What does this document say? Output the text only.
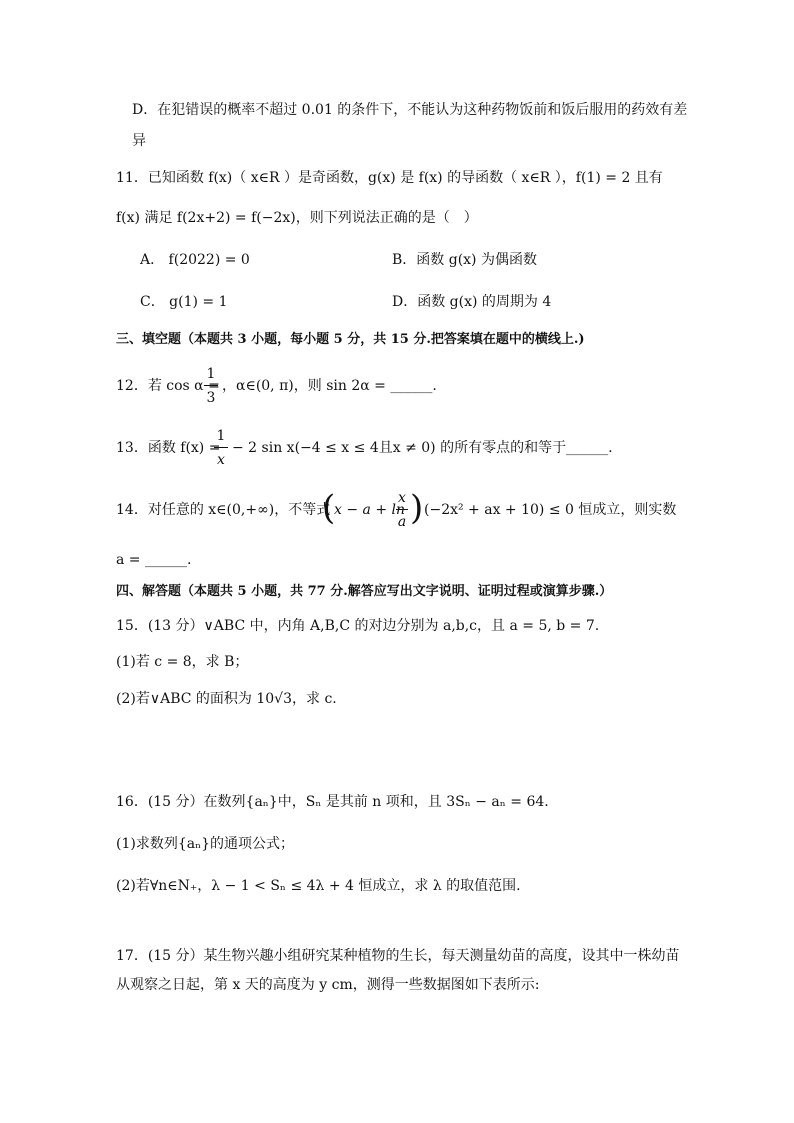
D．在犯错误的概率不超过 0.01 的条件下，不能认为这种药物饭前和饭后服用的药效有差
异
11．已知函数 f(x)（ x∈R ）是奇函数，g(x) 是 f(x) 的导函数（ x∈R ），f(1) = 2 且有
f(x) 满足 f(2x+2) = f(−2x)，则下列说法正确的是（　）
A． f(2022) = 0	B．函数 g(x) 为偶函数
C． g(1) = 1	D．函数 g(x) 的周期为 4
三、填空题（本题共 3 小题，每小题 5 分，共 15 分.把答案填在题中的横线上.)
12．若 cos α =
1
3
，α∈(0, π)，则 sin 2α = ______.
13．函数 f(x) =
1
x
− 2 sin x(−4 ≤ x ≤ 4且x ≠ 0) 的所有零点的和等于______.
14．对任意的 x∈(0,+∞)，不等式
(
x − a + ln
x
a ) (−2x² + ax + 10) ≤ 0 恒成立，则实数
a = ______.
四、解答题（本题共 5 小题，共 77 分.解答应写出文字说明、证明过程或演算步骤.）
15．(13 分）∨ABC 中，内角 A,B,C 的对边分别为 a,b,c，且 a = 5, b = 7.
(1)若 c = 8，求 B；
(2)若∨ABC 的面积为 10√3，求 c.
16．(15 分）在数列{aₙ}中，Sₙ 是其前 n 项和，且 3Sₙ − aₙ = 64.
(1)求数列{aₙ}的通项公式；
(2)若∀n∈N₊，λ − 1 < Sₙ ≤ 4λ + 4 恒成立，求 λ 的取值范围.
17．(15 分）某生物兴趣小组研究某种植物的生长，每天测量幼苗的高度，设其中一株幼苗
从观察之日起，第 x 天的高度为 y cm，测得一些数据图如下表所示:
